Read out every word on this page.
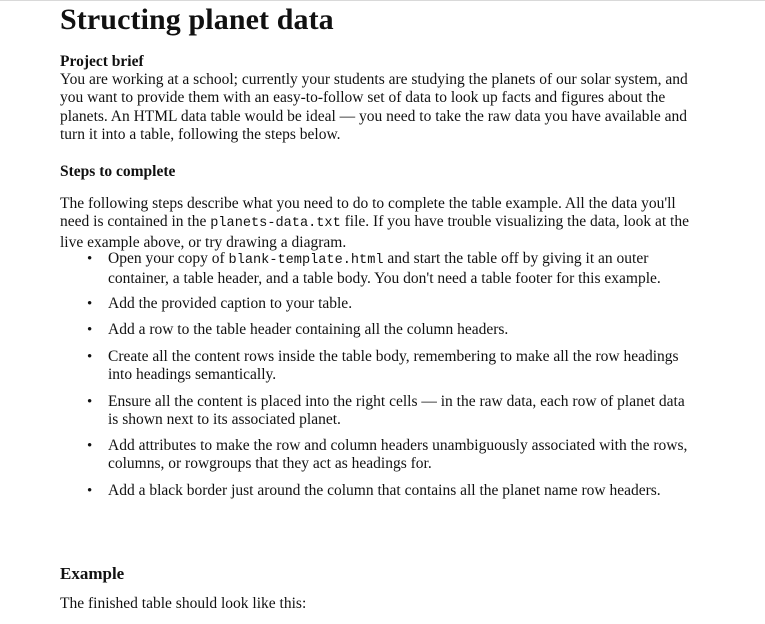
Structing planet data
Project brief
You are working at a school; currently your students are studying the planets of our solar system, and you want to provide them with an easy-to-follow set of data to look up facts and figures about the planets. An HTML data table would be ideal — you need to take the raw data you have available and turn it into a table, following the steps below.
Steps to complete
The following steps describe what you need to do to complete the table example. All the data you'll need is contained in the planets-data.txt file. If you have trouble visualizing the data, look at the live example above, or try drawing a diagram.
• Open your copy of blank-template.html and start the table off by giving it an outer container, a table header, and a table body. You don't need a table footer for this example.
• Add the provided caption to your table.
• Add a row to the table header containing all the column headers.
• Create all the content rows inside the table body, remembering to make all the row headings into headings semantically.
• Ensure all the content is placed into the right cells — in the raw data, each row of planet data is shown next to its associated planet.
• Add attributes to make the row and column headers unambiguously associated with the rows, columns, or rowgroups that they act as headings for.
• Add a black border just around the column that contains all the planet name row headers.
Example
The finished table should look like this:
